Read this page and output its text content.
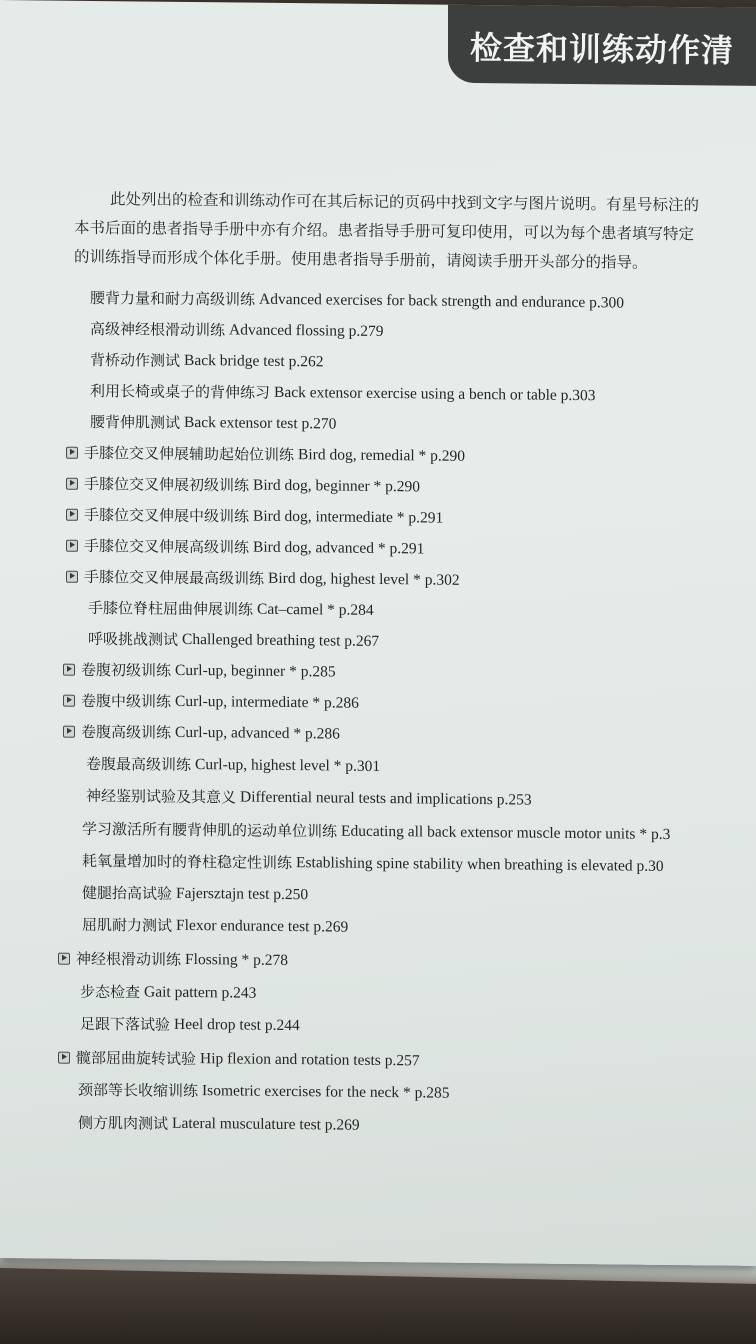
检查和训练动作清
此处列出的检查和训练动作可在其后标记的页码中找到文字与图片说明。有星号标注的
本书后面的患者指导手册中亦有介绍。患者指导手册可复印使用，可以为每个患者填写特定
的训练指导而形成个体化手册。使用患者指导手册前，请阅读手册开头部分的指导。
腰背力量和耐力高级训练 Advanced exercises for back strength and endurance p.300
高级神经根滑动训练 Advanced flossing p.279
背桥动作测试 Back bridge test p.262
利用长椅或桌子的背伸练习 Back extensor exercise using a bench or table p.303
腰背伸肌测试 Back extensor test p.270
手膝位交叉伸展辅助起始位训练 Bird dog, remedial * p.290
手膝位交叉伸展初级训练 Bird dog, beginner * p.290
手膝位交叉伸展中级训练 Bird dog, intermediate * p.291
手膝位交叉伸展高级训练 Bird dog, advanced * p.291
手膝位交叉伸展最高级训练 Bird dog, highest level * p.302
手膝位脊柱屈曲伸展训练 Cat–camel * p.284
呼吸挑战测试 Challenged breathing test p.267
卷腹初级训练 Curl-up, beginner * p.285
卷腹中级训练 Curl-up, intermediate * p.286
卷腹高级训练 Curl-up, advanced * p.286
卷腹最高级训练 Curl-up, highest level * p.301
神经鉴别试验及其意义 Differential neural tests and implications p.253
学习激活所有腰背伸肌的运动单位训练 Educating all back extensor muscle motor units * p.3
耗氧量增加时的脊柱稳定性训练 Establishing spine stability when breathing is elevated p.30
健腿抬高试验 Fajersztajn test p.250
屈肌耐力测试 Flexor endurance test p.269
神经根滑动训练 Flossing * p.278
步态检查 Gait pattern p.243
足跟下落试验 Heel drop test p.244
髋部屈曲旋转试验 Hip flexion and rotation tests p.257
颈部等长收缩训练 Isometric exercises for the neck * p.285
侧方肌肉测试 Lateral musculature test p.269
